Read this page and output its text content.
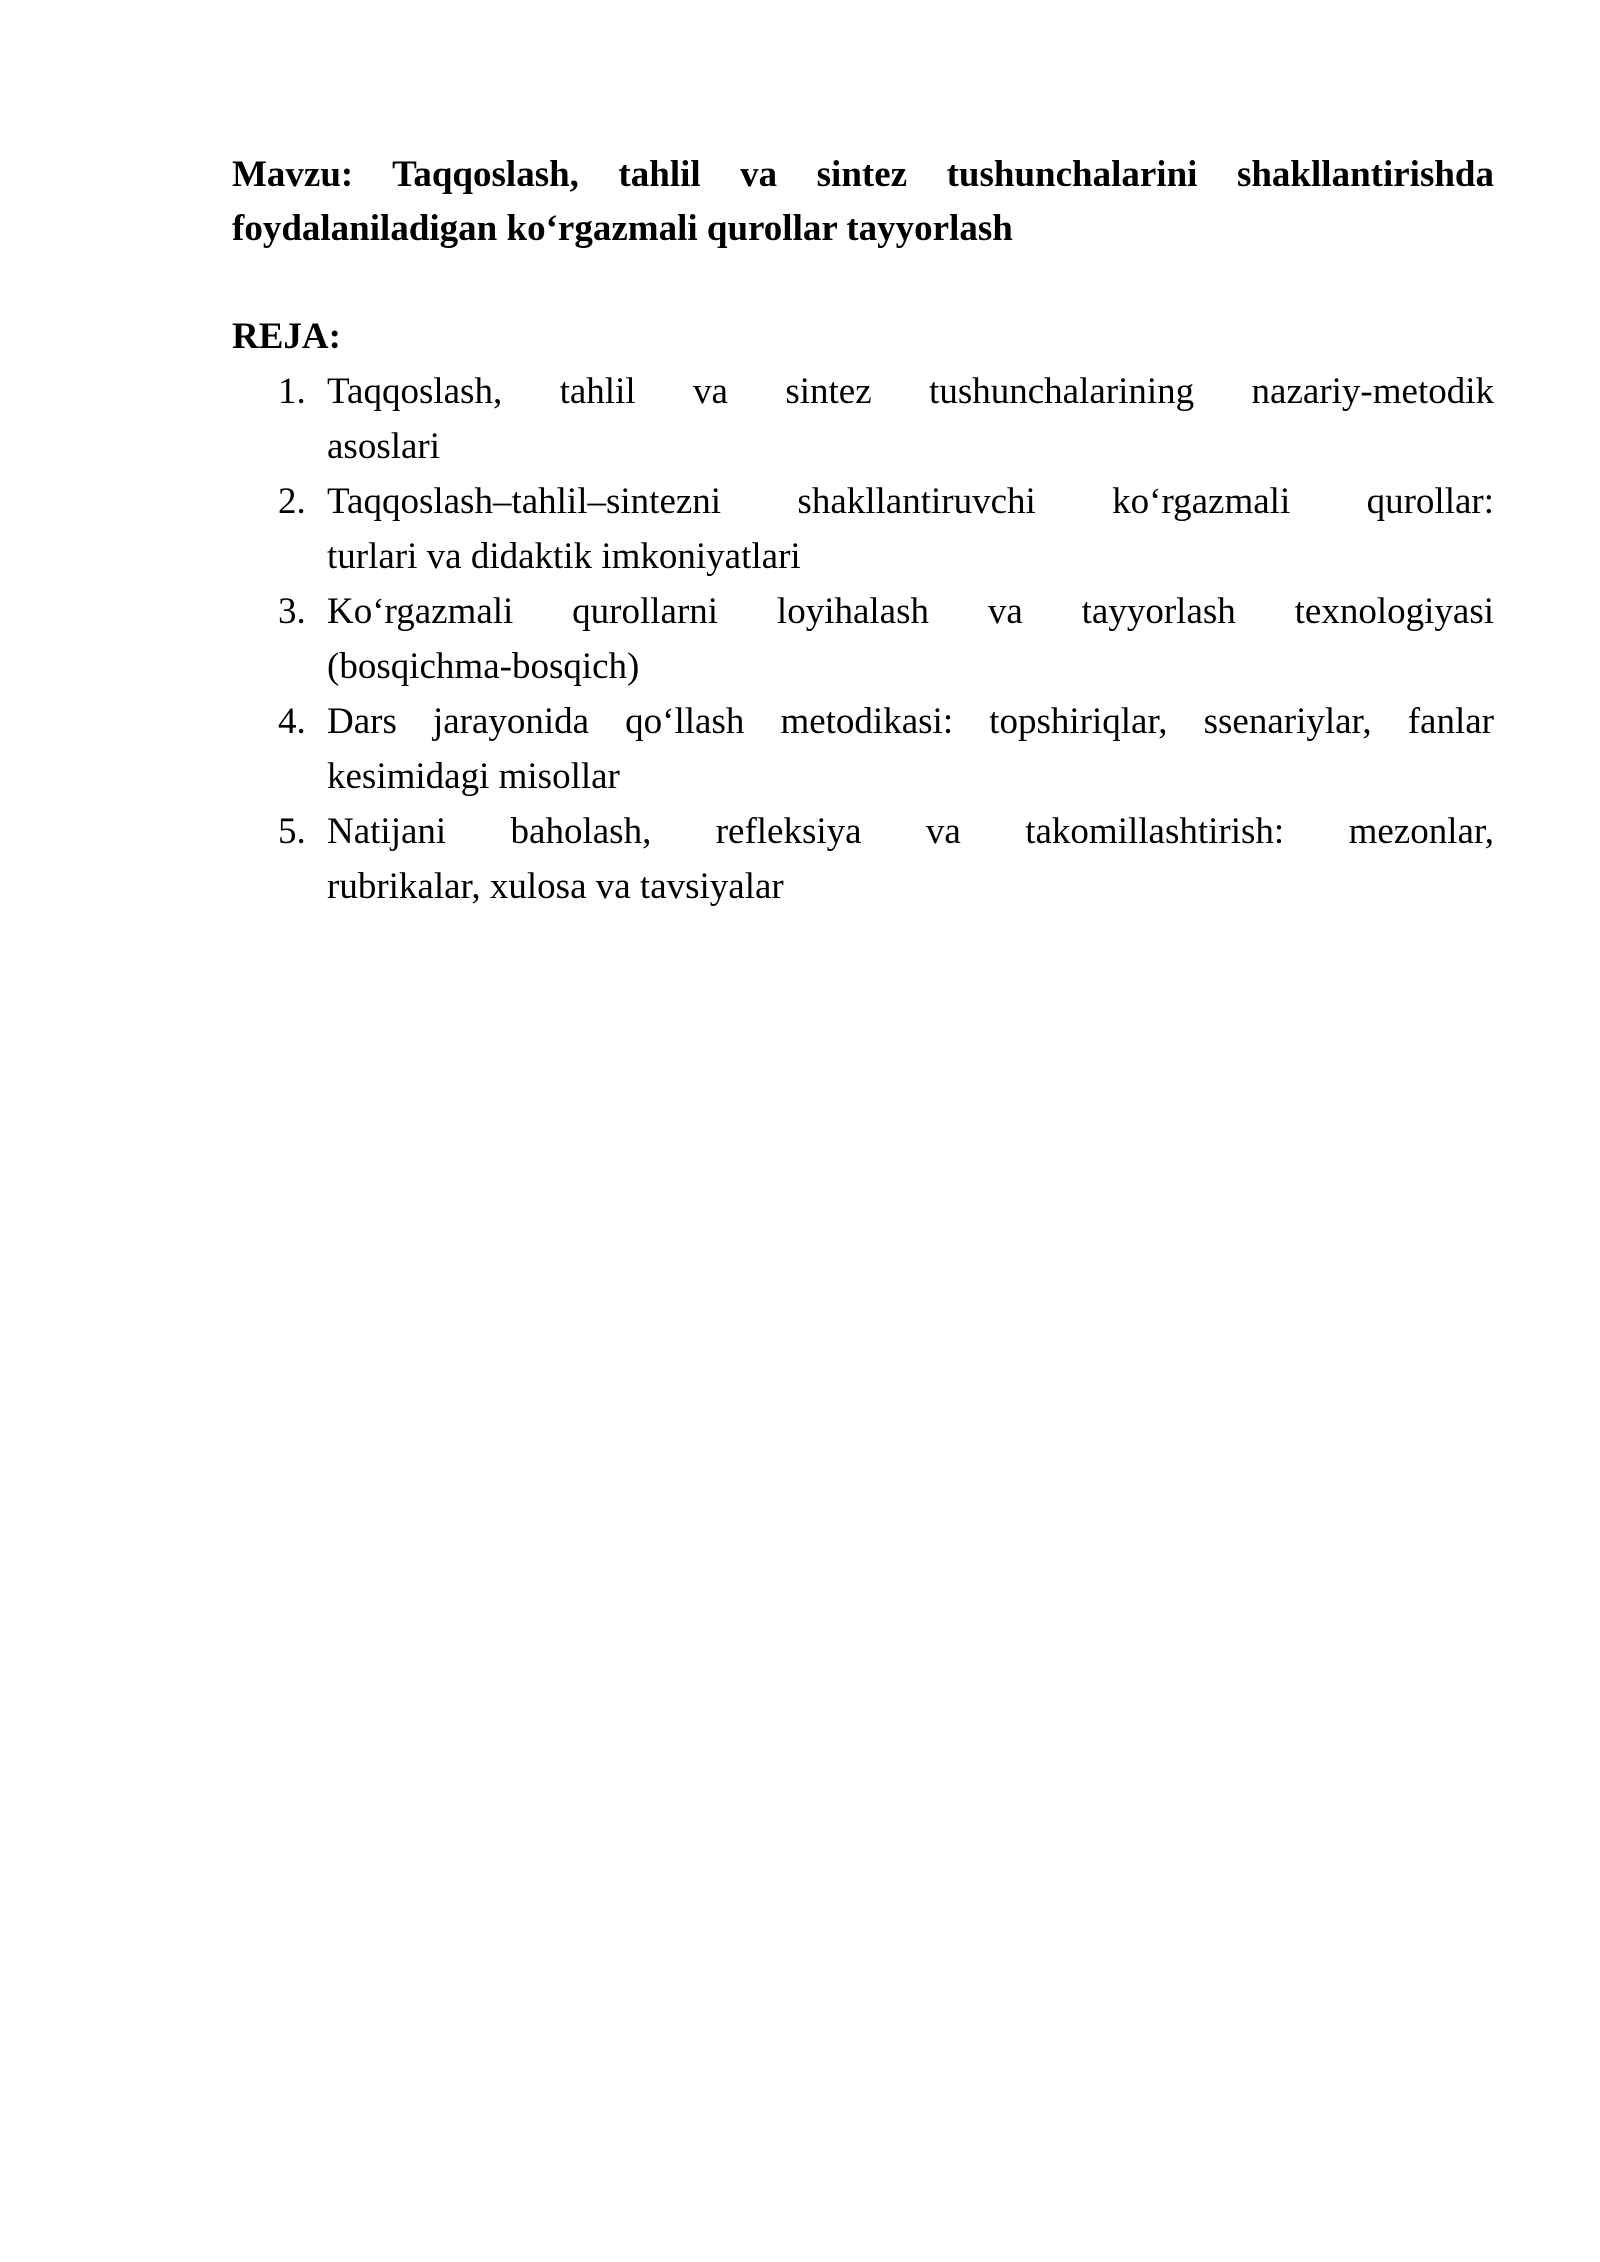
Mavzu: Taqqoslash, tahlil va sintez tushunchalarini shakllantirishda
foydalaniladigan ko‘rgazmali qurollar tayyorlash
REJA:
1. Taqqoslash, tahlil va sintez tushunchalarining nazariy-metodik
asoslari
2. Taqqoslash–tahlil–sintezni shakllantiruvchi ko‘rgazmali qurollar:
turlari va didaktik imkoniyatlari
3. Ko‘rgazmali qurollarni loyihalash va tayyorlash texnologiyasi
(bosqichma-bosqich)
4. Dars jarayonida qo‘llash metodikasi: topshiriqlar, ssenariylar, fanlar
kesimidagi misollar
5. Natijani baholash, refleksiya va takomillashtirish: mezonlar,
rubrikalar, xulosa va tavsiyalar
